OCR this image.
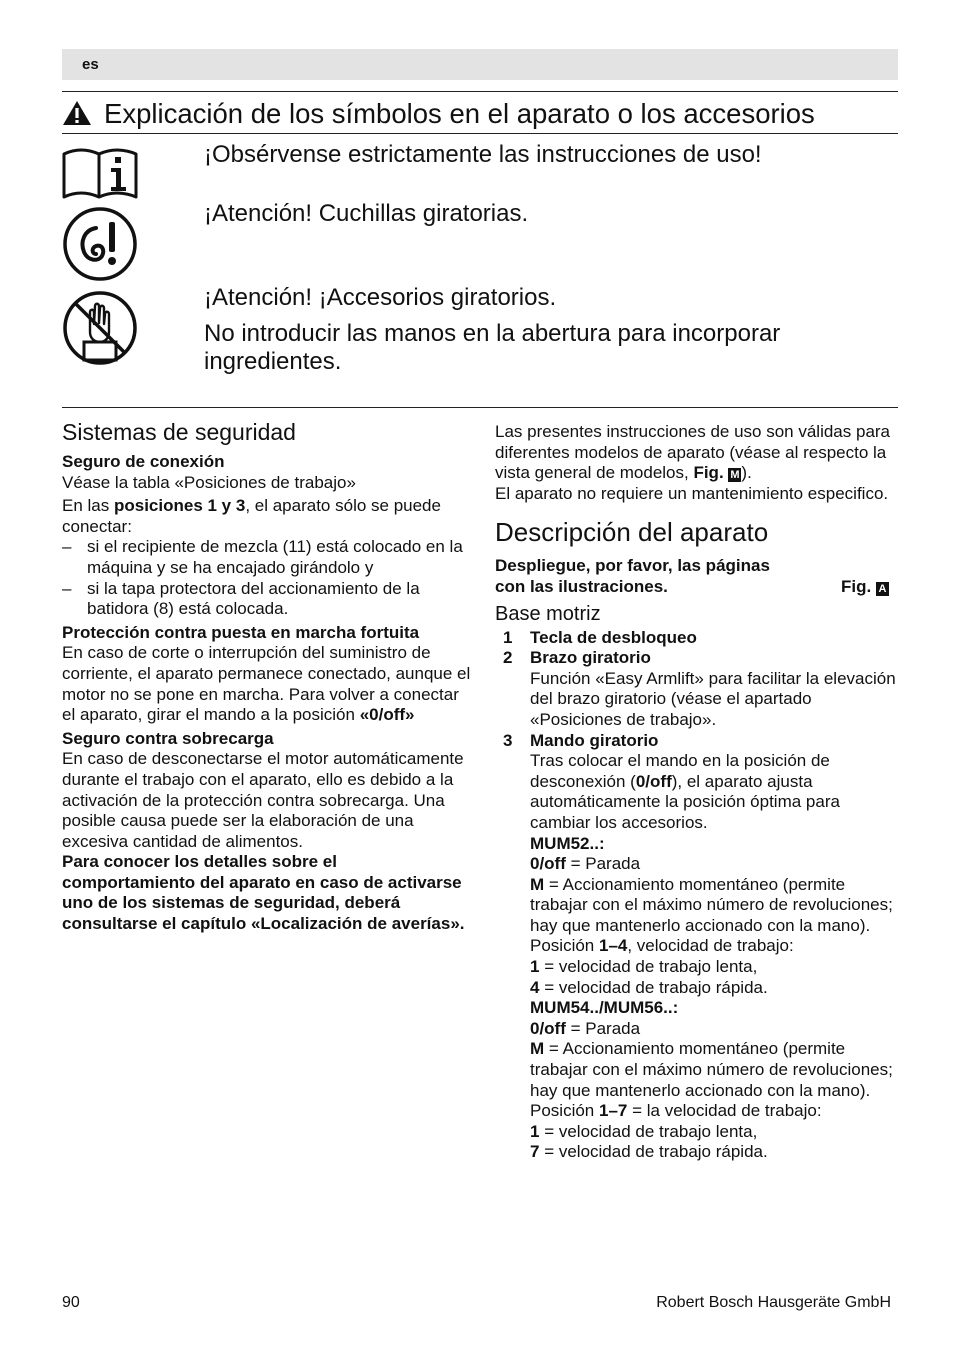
es
Explicación de los símbolos en el aparato o los accesorios

¡Obsérvense estrictamente las instrucciones de uso!

¡Atención! Cuchillas giratorias.

¡Atención! ¡Accesorios giratorios.

No introducir las manos en la abertura para incorporar ingredientes.

Sistemas de seguridad

Seguro de conexión

Véase la tabla «Posiciones de trabajo»

En las posiciones 1 y 3, el aparato sólo se puede conectar:

– si el recipiente de mezcla (11) está colocado en la máquina y se ha encajado girándolo y

– si la tapa protectora del accionamiento de la batidora (8) está colocada.

Protección contra puesta en marcha fortuita

En caso de corte o interrupción del suministro de corriente, el aparato permanece conectado, aunque el motor no se pone en marcha. Para volver a conectar el aparato, girar el mando a la posición «0/off»

Seguro contra sobrecarga

En caso de desconectarse el motor automáticamente durante el trabajo con el aparato, ello es debido a la activación de la protección contra sobrecarga. Una posible causa puede ser la elaboración de una excesiva cantidad de alimentos.

Para conocer los detalles sobre el comportamiento del aparato en caso de activarse uno de los sistemas de seguridad, deberá consultarse el capítulo «Localización de averías».

Las presentes instrucciones de uso son válidas para diferentes modelos de aparato (véase al respecto la vista general de modelos, Fig. M ).

El aparato no requiere un mantenimiento especifico.

Descripción del aparato

Despliegue, por favor, las páginas

con las ilustraciones.	Fig. A
Base motriz
1	Tecla de desbloqueo
2	Brazo giratorio

Función «Easy Armlift» para facilitar la elevación del brazo giratorio (véase el apartado «Posiciones de trabajo».

3	Mando giratorio

Tras colocar el mando en la posición de desconexión (0/off), el aparato ajusta automáticamente la posición óptima para cambiar los accesorios.

MUM52..:

0/off = Parada

M = Accionamiento momentáneo (permite trabajar con el máximo número de revoluciones; hay que mantenerlo accionado con la mano).

Posición 1–4, velocidad de trabajo:

1 = velocidad de trabajo lenta,

4 = velocidad de trabajo rápida.

MUM54../MUM56..:

0/off = Parada

M = Accionamiento momentáneo (permite trabajar con el máximo número de revoluciones; hay que mantenerlo accionado con la mano).

Posición 1–7 = la velocidad de trabajo:

1 = velocidad de trabajo lenta,

7 = velocidad de trabajo rápida.

90	Robert Bosch Hausgeräte GmbH
